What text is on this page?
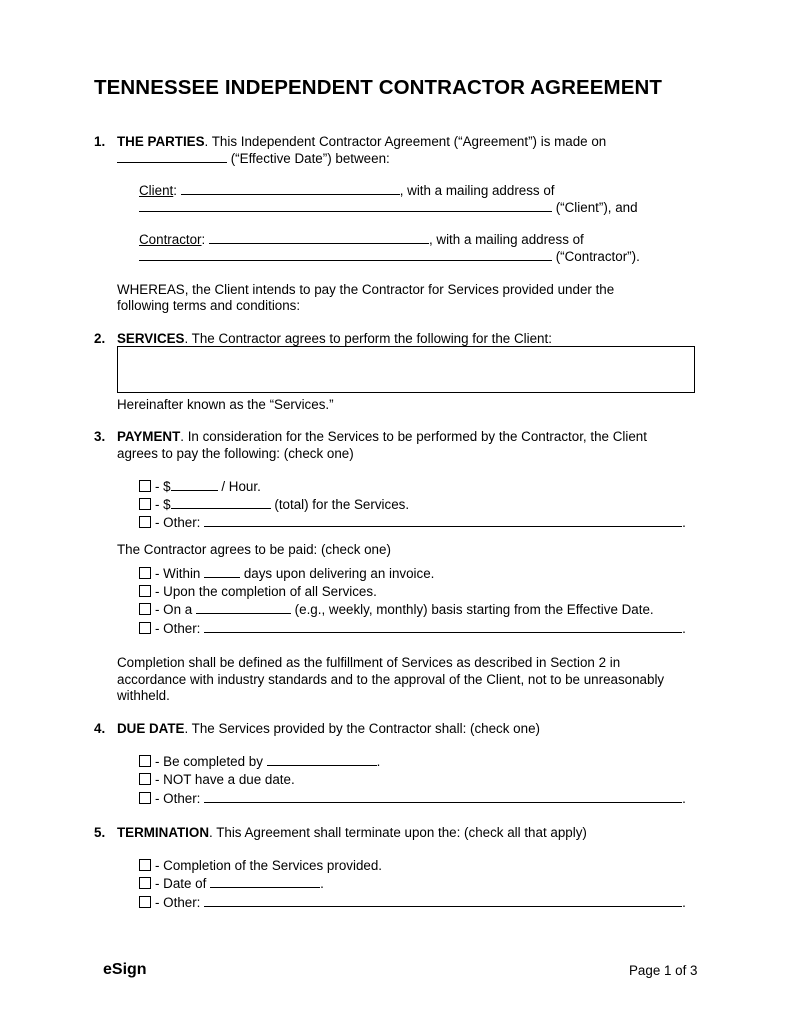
TENNESSEE INDEPENDENT CONTRACTOR AGREEMENT
1. THE PARTIES. This Independent Contractor Agreement (“Agreement”) is made on
(“Effective Date”) between:
Client:	, with a mailing address of
(“Client”), and
Contractor:	, with a mailing address of
(“Contractor”).
WHEREAS, the Client intends to pay the Contractor for Services provided under the
following terms and conditions:
2. SERVICES. The Contractor agrees to perform the following for the Client:
Hereinafter known as the “Services.”
3. PAYMENT. In consideration for the Services to be performed by the Contractor, the Client
agrees to pay the following: (check one)
- $	/ Hour.
- $	(total) for the Services.
- Other:	.
The Contractor agrees to be paid: (check one)
- Within	days upon delivering an invoice.
- Upon the completion of all Services.
- On a	(e.g., weekly, monthly) basis starting from the Effective Date.
- Other:	.
Completion shall be defined as the fulfillment of Services as described in Section 2 in
accordance with industry standards and to the approval of the Client, not to be unreasonably
withheld.
4. DUE DATE. The Services provided by the Contractor shall: (check one)
- Be completed by	.
- NOT have a due date.
- Other:	.
5. TERMINATION. This Agreement shall terminate upon the: (check all that apply)
- Completion of the Services provided.
- Date of	.
- Other:	.
eSign	Page 1 of 3
